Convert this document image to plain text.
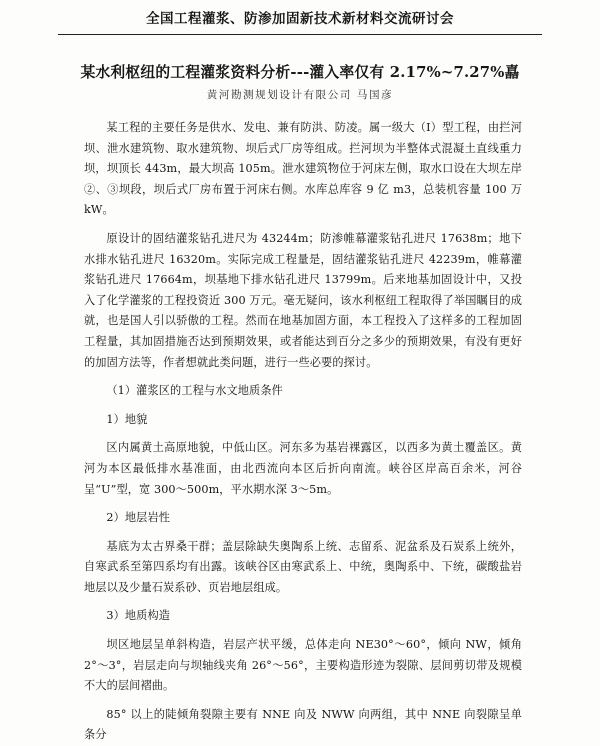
全国工程灌浆、防渗加固新技术新材料交流研讨会
某水利枢纽的工程灌浆资料分析---灌入率仅有 2.17%~7.27%嚞
黄河勘测规划设计有限公司 马国彦

某工程的主要任务是供水、发电、兼有防洪、防凌。属一级大（Ⅰ）型工程，由拦河坝、泄水建筑物、取水建筑物、坝后式厂房等组成。拦河坝为半整体式混凝土直线重力坝，坝顶长 443m，最大坝高 105m。泄水建筑物位于河床左侧，取水口设在大坝左岸②、③坝段，坝后式厂房布置于河床右侧。水库总库容 9 亿 m3，总装机容量 100 万 kW。

原设计的固结灌浆钻孔进尺为 43244m；防渗帷幕灌浆钻孔进尺 17638m；地下水排水钻孔进尺 16320m。实际完成工程量是，固结灌浆钻孔进尺 42239m，帷幕灌浆钻孔进尺 17664m，坝基地下排水钻孔进尺 13799m。后来地基加固设计中，又投入了化学灌浆的工程投资近 300 万元。毫无疑问，该水利枢纽工程取得了举国瞩目的成就，也是国人引以骄傲的工程。然而在地基加固方面，本工程投入了这样多的工程加固工程量，其加固措施否达到预期效果，或者能达到百分之多少的预期效果，有没有更好的加固方法等，作者想就此类问题，进行一些必要的探讨。

（1）灌浆区的工程与水文地质条件

1）地貌

区内属黄土高原地貌，中低山区。河东多为基岩裸露区，以西多为黄土覆盖区。黄河为本区最低排水基准面，由北西流向本区后折向南流。峡谷区岸高百余米，河谷呈“U”型，宽 300～500m，平水期水深 3～5m。

2）地层岩性

基底为太古界桑干群；盖层除缺失奥陶系上统、志留系、泥盆系及石炭系上统外，自寒武系至第四系均有出露。该峡谷区由寒武系上、中统，奥陶系中、下统，碳酸盐岩地层以及少量石炭系砂、页岩地层组成。

3）地质构造

坝区地层呈单斜构造，岩层产状平缓，总体走向 NE30°～60°，倾向 NW，倾角 2°～3°，岩层走向与坝轴线夹角 26°～56°，主要构造形迹为裂隙、层间剪切带及规模不大的层间褶曲。

85° 以上的陡倾角裂隙主要有 NNE 向及 NWW 向两组，其中 NNE 向裂隙呈单条分
